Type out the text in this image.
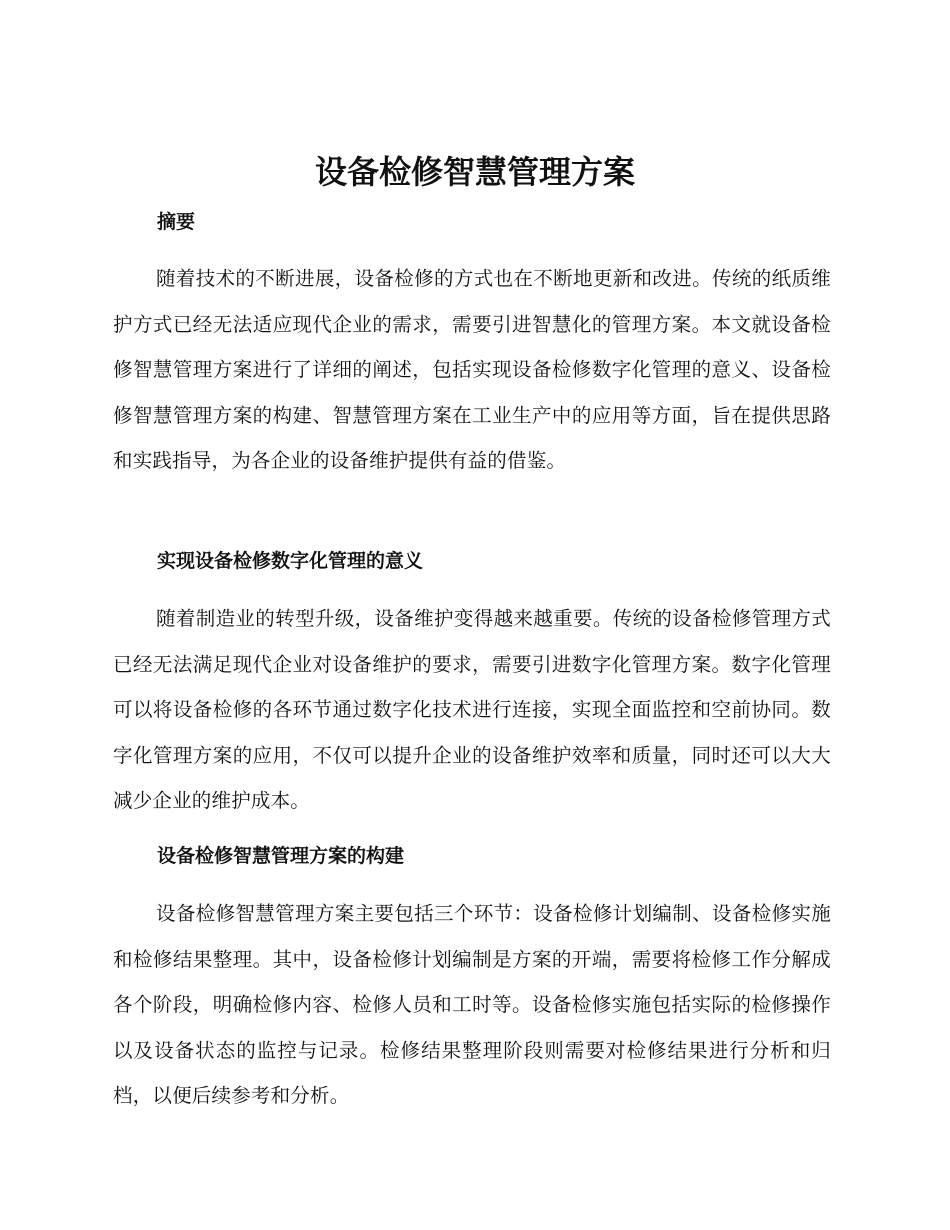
设备检修智慧管理方案
摘要

随着技术的不断进展，设备检修的方式也在不断地更新和改进。传统的纸质维护方式已经无法适应现代企业的需求，需要引进智慧化的管理方案。本文就设备检修智慧管理方案进行了详细的阐述，包括实现设备检修数字化管理的意义、设备检修智慧管理方案的构建、智慧管理方案在工业生产中的应用等方面，旨在提供思路和实践指导，为各企业的设备维护提供有益的借鉴。

实现设备检修数字化管理的意义

随着制造业的转型升级，设备维护变得越来越重要。传统的设备检修管理方式已经无法满足现代企业对设备维护的要求，需要引进数字化管理方案。数字化管理可以将设备检修的各环节通过数字化技术进行连接，实现全面监控和空前协同。数字化管理方案的应用，不仅可以提升企业的设备维护效率和质量，同时还可以大大减少企业的维护成本。

设备检修智慧管理方案的构建

设备检修智慧管理方案主要包括三个环节：设备检修计划编制、设备检修实施和检修结果整理。其中，设备检修计划编制是方案的开端，需要将检修工作分解成各个阶段，明确检修内容、检修人员和工时等。设备检修实施包括实际的检修操作以及设备状态的监控与记录。检修结果整理阶段则需要对检修结果进行分析和归档，以便后续参考和分析。
